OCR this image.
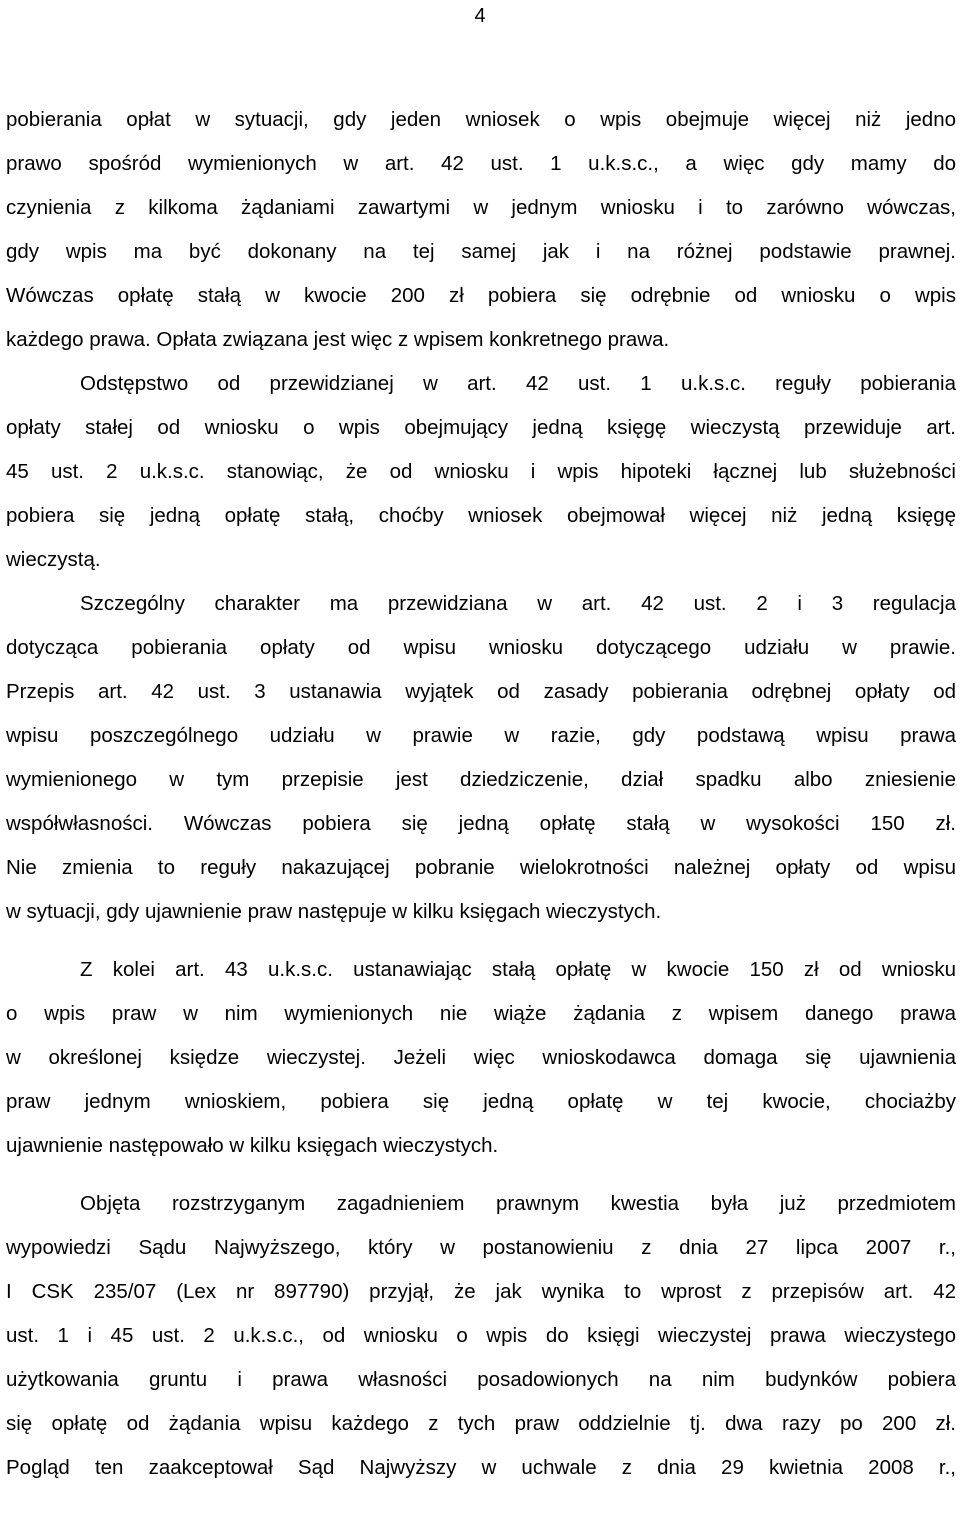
4
pobierania opłat w sytuacji, gdy jeden wniosek o wpis obejmuje więcej niż jedno
prawo spośród wymienionych w art. 42 ust. 1 u.k.s.c., a więc gdy mamy do
czynienia z kilkoma żądaniami zawartymi w jednym wniosku i to zarówno wówczas,
gdy wpis ma być dokonany na tej samej jak i na różnej podstawie prawnej.
Wówczas opłatę stałą w kwocie 200 zł pobiera się odrębnie od wniosku o wpis
każdego prawa. Opłata związana jest więc z wpisem konkretnego prawa.
Odstępstwo od przewidzianej w art. 42 ust. 1 u.k.s.c. reguły pobierania
opłaty stałej od wniosku o wpis obejmujący jedną księgę wieczystą przewiduje art.
45 ust. 2 u.k.s.c. stanowiąc, że od wniosku i wpis hipoteki łącznej lub służebności
pobiera się jedną opłatę stałą, choćby wniosek obejmował więcej niż jedną księgę
wieczystą.
Szczególny charakter ma przewidziana w art. 42 ust. 2 i 3 regulacja
dotycząca pobierania opłaty od wpisu wniosku dotyczącego udziału w prawie.
Przepis art. 42 ust. 3 ustanawia wyjątek od zasady pobierania odrębnej opłaty od
wpisu poszczególnego udziału w prawie w razie, gdy podstawą wpisu prawa
wymienionego w tym przepisie jest dziedziczenie, dział spadku albo zniesienie
współwłasności. Wówczas pobiera się jedną opłatę stałą w wysokości 150 zł.
Nie zmienia to reguły nakazującej pobranie wielokrotności należnej opłaty od wpisu
w sytuacji, gdy ujawnienie praw następuje w kilku księgach wieczystych.
Z kolei art. 43 u.k.s.c. ustanawiając stałą opłatę w kwocie 150 zł od wniosku
o wpis praw w nim wymienionych nie wiąże żądania z wpisem danego prawa
w określonej księdze wieczystej. Jeżeli więc wnioskodawca domaga się ujawnienia
praw jednym wnioskiem, pobiera się jedną opłatę w tej kwocie, chociażby
ujawnienie następowało w kilku księgach wieczystych.
Objęta rozstrzyganym zagadnieniem prawnym kwestia była już przedmiotem
wypowiedzi Sądu Najwyższego, który w postanowieniu z dnia 27 lipca 2007 r.,
I CSK 235/07 (Lex nr 897790) przyjął, że jak wynika to wprost z przepisów art. 42
ust. 1 i 45 ust. 2 u.k.s.c., od wniosku o wpis do księgi wieczystej prawa wieczystego
użytkowania gruntu i prawa własności posadowionych na nim budynków pobiera
się opłatę od żądania wpisu każdego z tych praw oddzielnie tj. dwa razy po 200 zł.
Pogląd ten zaakceptował Sąd Najwyższy w uchwale z dnia 29 kwietnia 2008 r.,
